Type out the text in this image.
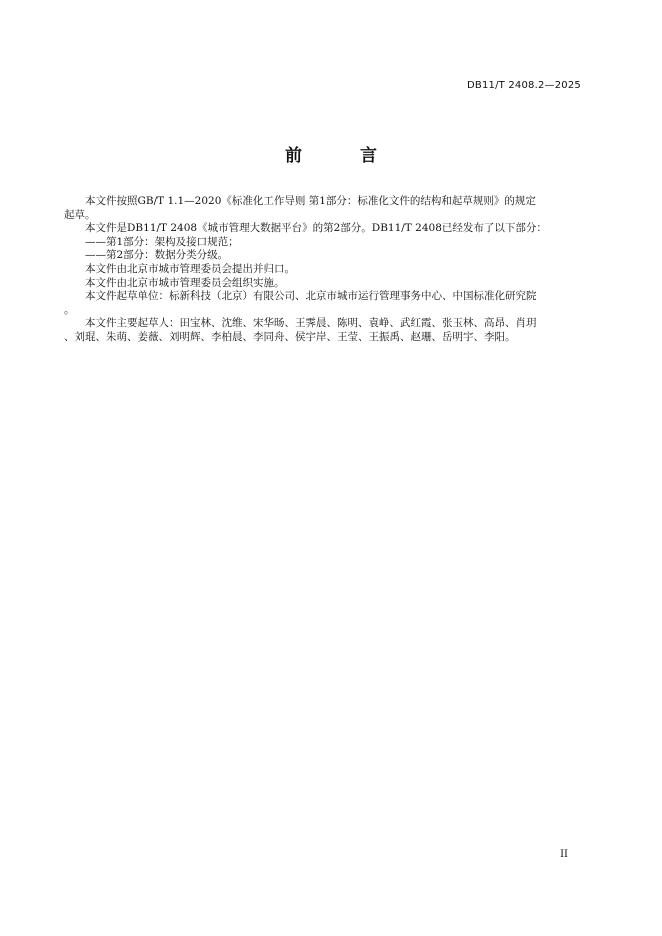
DB11/T 2408.2—2025
前 言

本文件按照GB/T 1.1—2020《标准化工作导则 第1部分：标准化文件的结构和起草规则》的规定

起草。

本文件是DB11/T 2408《城市管理大数据平台》的第2部分。DB11/T 2408已经发布了以下部分：

——第1部分：架构及接口规范；

——第2部分：数据分类分级。

本文件由北京市城市管理委员会提出并归口。

本文件由北京市城市管理委员会组织实施。

本文件起草单位：标新科技（北京）有限公司、北京市城市运行管理事务中心、中国标准化研究院

。

本文件主要起草人：田宝林、沈维、宋华旸、王霁晨、陈明、袁峥、武红霞、张玉林、高昂、肖玥

、刘琨、朱萌、姜薇、刘明辉、李柏晨、李同舟、侯宇岸、王莹、王振禹、赵珊、岳明宇、李阳。

II
